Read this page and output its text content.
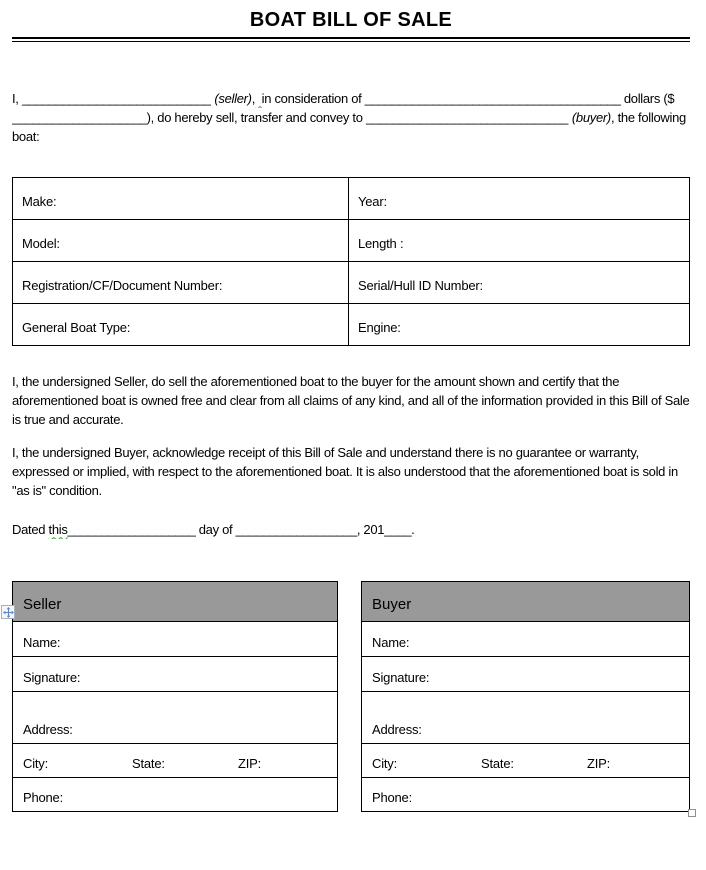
BOAT BILL OF SALE
I, ____________________________ (seller), in consideration of ______________________________________ dollars ($
____________________), do hereby sell, transfer and convey to ______________________________ (buyer), the following
boat:
Make:	Year:
Model:	Length :
Registration/CF/Document Number:	Serial/Hull ID Number:
General Boat Type:	Engine:
I, the undersigned Seller, do sell the aforementioned boat to the buyer for the amount shown and certify that the aforementioned boat is owned free and clear from all claims of any kind, and all of the information provided in this Bill of Sale is true and accurate.
I, the undersigned Buyer, acknowledge receipt of this Bill of Sale and understand there is no guarantee or warranty, expressed or implied, with respect to the aforementioned boat. It is also understood that the aforementioned boat is sold in "as is" condition.
Dated this___________________ day of __________________, 201____.
Seller
Name:
Signature:
Address:
City:	State:	ZIP:
Phone:
Buyer
Name:
Signature:
Address:
City:	State:	ZIP:
Phone:
